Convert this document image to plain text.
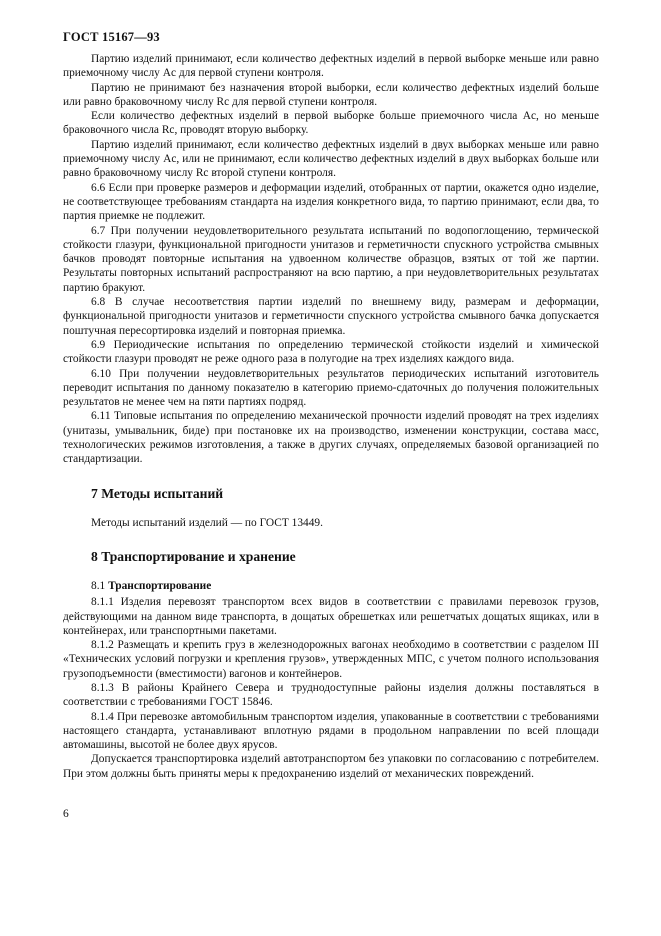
ГОСТ 15167—93

Партию изделий принимают, если количество дефектных изделий в первой выборке меньше или равно приемочному числу Ac для первой ступени контроля.

Партию не принимают без назначения второй выборки, если количество дефектных изделий больше или равно браковочному числу Rc для первой ступени контроля.

Если количество дефектных изделий в первой выборке больше приемочного числа Ac, но меньше браковочного числа Rc, проводят вторую выборку.

Партию изделий принимают, если количество дефектных изделий в двух выборках меньше или равно приемочному числу Ac, или не принимают, если количество дефектных изделий в двух выборках больше или равно браковочному числу Rc второй ступени контроля.

6.6 Если при проверке размеров и деформации изделий, отобранных от партии, окажется одно изделие, не соответствующее требованиям стандарта на изделия конкретного вида, то партию принимают, если два, то партия приемке не подлежит.

6.7 При получении неудовлетворительного результата испытаний по водопоглощению, термической стойкости глазури, функциональной пригодности унитазов и герметичности спускного устройства смывных бачков проводят повторные испытания на удвоенном количестве образцов, взятых от той же партии. Результаты повторных испытаний распространяют на всю партию, а при неудовлетворительных результатах партию бракуют.

6.8 В случае несоответствия партии изделий по внешнему виду, размерам и деформации, функциональной пригодности унитазов и герметичности спускного устройства смывного бачка допускается поштучная пересортировка изделий и повторная приемка.

6.9 Периодические испытания по определению термической стойкости изделий и химической стойкости глазури проводят не реже одного раза в полугодие на трех изделиях каждого вида.

6.10 При получении неудовлетворительных результатов периодических испытаний изготовитель переводит испытания по данному показателю в категорию приемо-сдаточных до получения положительных результатов не менее чем на пяти партиях подряд.

6.11 Типовые испытания по определению механической прочности изделий проводят на трех изделиях (унитазы, умывальник, биде) при постановке их на производство, изменении конструкции, состава масс, технологических режимов изготовления, а также в других случаях, определяемых базовой организацией по стандартизации.

7 Методы испытаний

Методы испытаний изделий — по ГОСТ 13449.

8 Транспортирование и хранение

8.1 Транспортирование

8.1.1 Изделия перевозят транспортом всех видов в соответствии с правилами перевозок грузов, действующими на данном виде транспорта, в дощатых обрешетках или решетчатых дощатых ящиках, или в контейнерах, или транспортными пакетами.

8.1.2 Размещать и крепить груз в железнодорожных вагонах необходимо в соответствии с разделом III «Технических условий погрузки и крепления грузов», утвержденных МПС, с учетом полного использования грузоподъемности (вместимости) вагонов и контейнеров.

8.1.3 В районы Крайнего Севера и труднодоступные районы изделия должны поставляться в соответствии с требованиями ГОСТ 15846.

8.1.4 При перевозке автомобильным транспортом изделия, упакованные в соответствии с требованиями настоящего стандарта, устанавливают вплотную рядами в продольном направлении по всей площади автомашины, высотой не более двух ярусов.

Допускается транспортировка изделий автотранспортом без упаковки по согласованию с потребителем. При этом должны быть приняты меры к предохранению изделий от механических повреждений.

6
